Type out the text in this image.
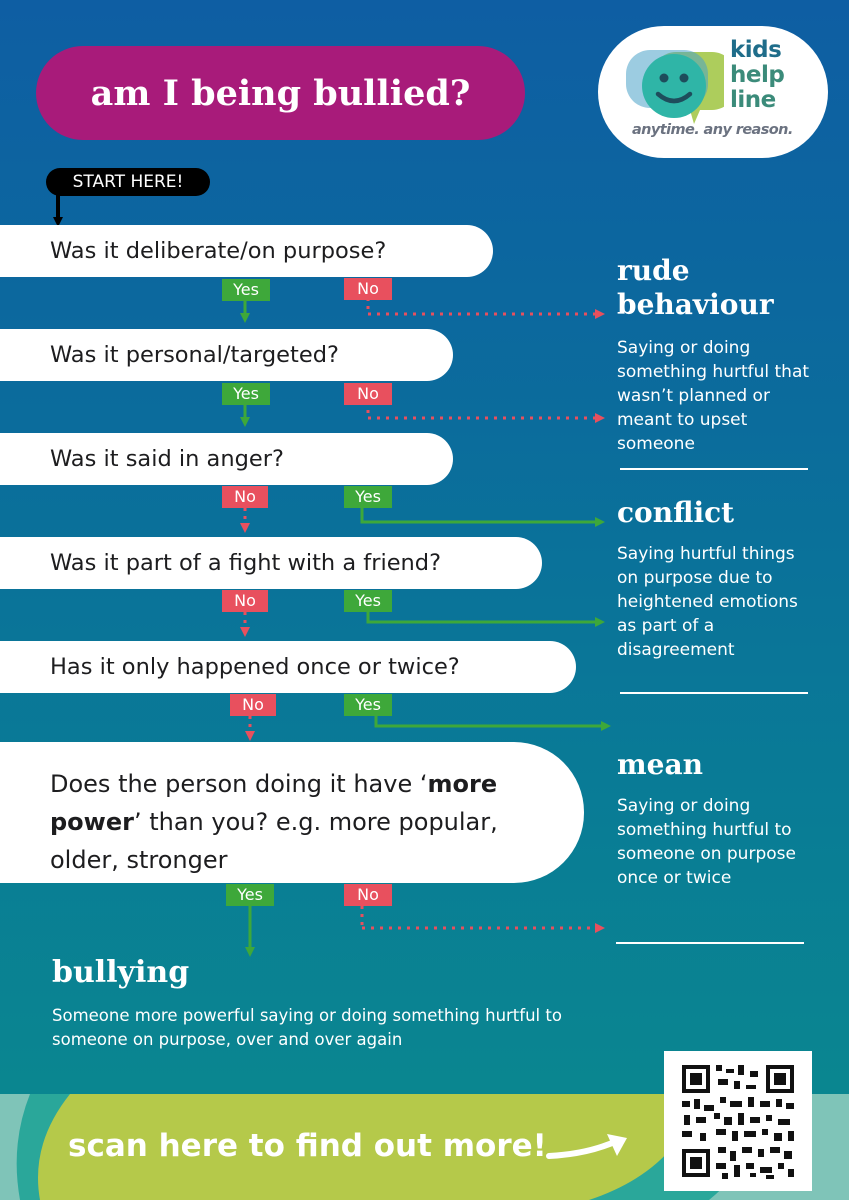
am I being bullied?
kids
help
line
anytime. any reason.
START HERE!
Was it deliberate/on purpose?
Was it personal/targeted?
Was it said in anger?
Was it part of a fight with a friend?
Has it only happened once or twice?
Does the person doing it have ‘more power’ than you? e.g. more popular, older, stronger
Yes	No
Yes	No
No	Yes
No	Yes
No	Yes
Yes	No
rude
behaviour
Saying or doing something hurtful that wasn’t planned or meant to upset someone
conflict
Saying hurtful things on purpose due to heightened emotions as part of a disagreement
mean
Saying or doing something hurtful to someone on purpose once or twice
bullying
Someone more powerful saying or doing something hurtful to someone on purpose, over and over again
scan here to find out more!
